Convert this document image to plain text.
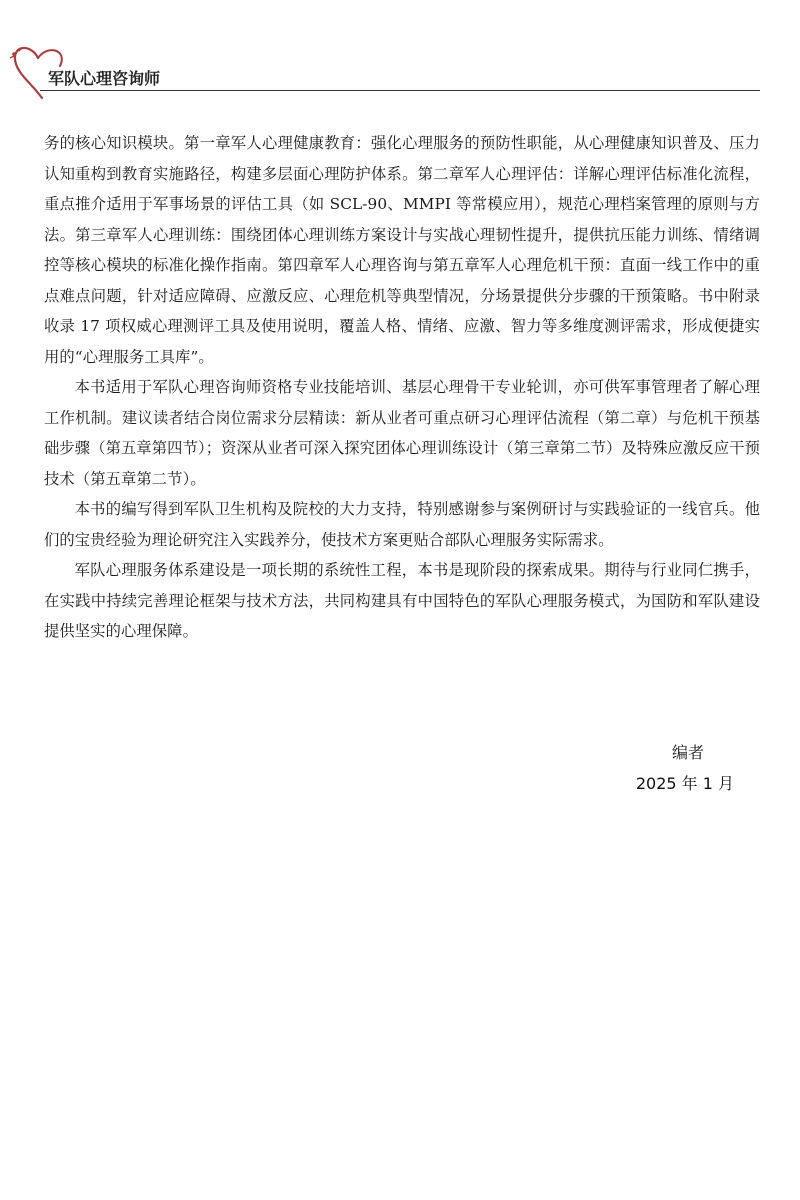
军队心理咨询师

务的核心知识模块。第一章军人心理健康教育：强化心理服务的预防性职能，从心理健康知识普及、压力认知重构到教育实施路径，构建多层面心理防护体系。第二章军人心理评估：详解心理评估标准化流程，重点推介适用于军事场景的评估工具（如 SCL-90、MMPI 等常模应用），规范心理档案管理的原则与方法。第三章军人心理训练：围绕团体心理训练方案设计与实战心理韧性提升，提供抗压能力训练、情绪调控等核心模块的标准化操作指南。第四章军人心理咨询与第五章军人心理危机干预：直面一线工作中的重点难点问题，针对适应障碍、应激反应、心理危机等典型情况，分场景提供分步骤的干预策略。书中附录收录 17 项权威心理测评工具及使用说明，覆盖人格、情绪、应激、智力等多维度测评需求，形成便捷实用的“心理服务工具库”。

本书适用于军队心理咨询师资格专业技能培训、基层心理骨干专业轮训，亦可供军事管理者了解心理工作机制。建议读者结合岗位需求分层精读：新从业者可重点研习心理评估流程（第二章）与危机干预基础步骤（第五章第四节）；资深从业者可深入探究团体心理训练设计（第三章第二节）及特殊应激反应干预技术（第五章第二节）。

本书的编写得到军队卫生机构及院校的大力支持，特别感谢参与案例研讨与实践验证的一线官兵。他们的宝贵经验为理论研究注入实践养分，使技术方案更贴合部队心理服务实际需求。

军队心理服务体系建设是一项长期的系统性工程，本书是现阶段的探索成果。期待与行业同仁携手，在实践中持续完善理论框架与技术方法，共同构建具有中国特色的军队心理服务模式，为国防和军队建设提供坚实的心理保障。

编者
2025 年 1 月
